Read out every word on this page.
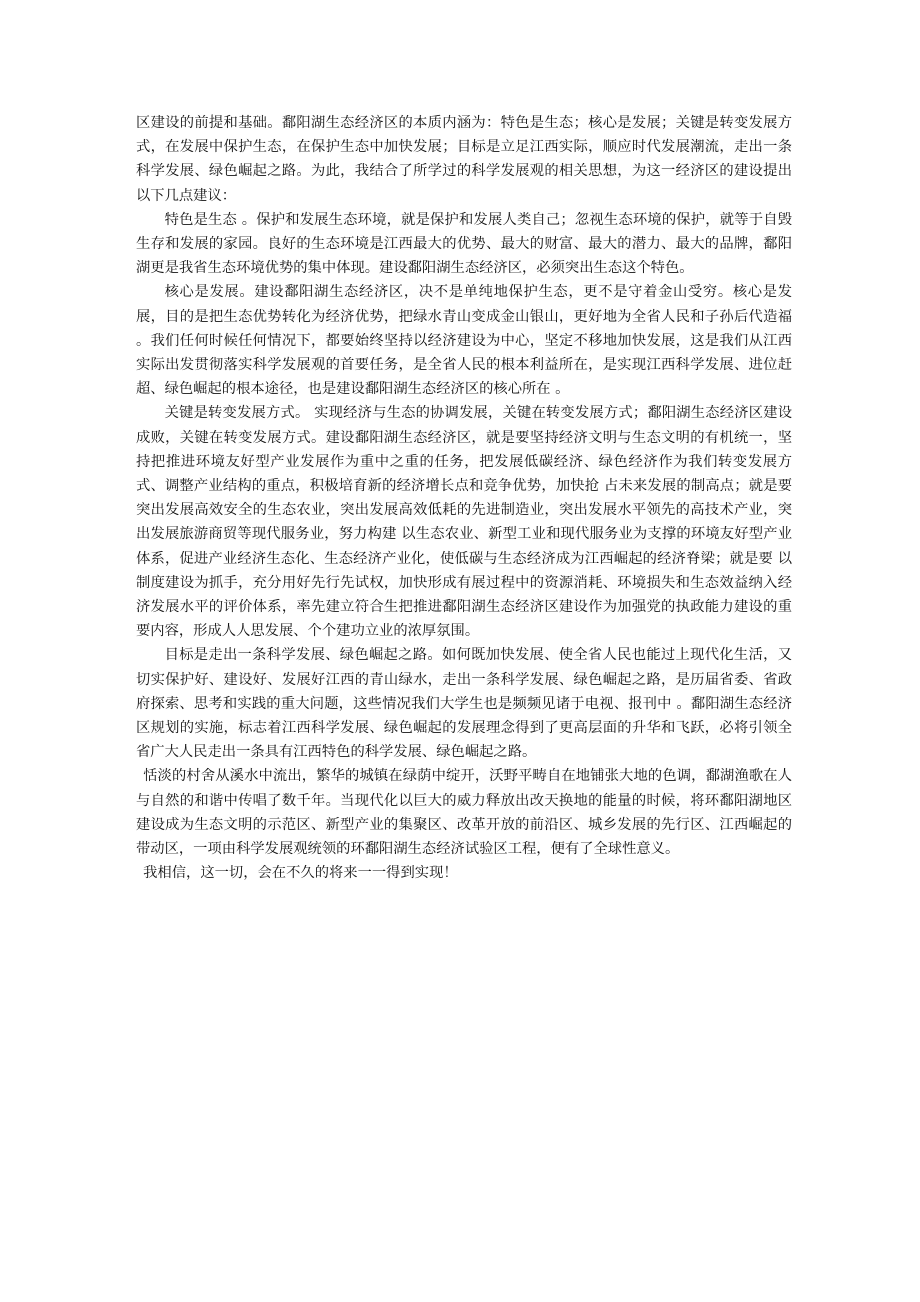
区建设的前提和基础。鄱阳湖生态经济区的本质内涵为：特色是生态；核心是发展；关键是转变发展方式，在发展中保护生态，在保护生态中加快发展；目标是立足江西实际，顺应时代发展潮流，走出一条科学发展、绿色崛起之路。为此，我结合了所学过的科学发展观的相关思想，为这一经济区的建设提出以下几点建议：

特色是生态 。保护和发展生态环境，就是保护和发展人类自己；忽视生态环境的保护，就等于自毁生存和发展的家园。良好的生态环境是江西最大的优势、最大的财富、最大的潜力、最大的品牌，鄱阳湖更是我省生态环境优势的集中体现。建设鄱阳湖生态经济区，必须突出生态这个特色。

核心是发展。建设鄱阳湖生态经济区，决不是单纯地保护生态，更不是守着金山受穷。核心是发展，目的是把生态优势转化为经济优势，把绿水青山变成金山银山，更好地为全省人民和子孙后代造福 。我们任何时候任何情况下，都要始终坚持以经济建设为中心，坚定不移地加快发展，这是我们从江西实际出发贯彻落实科学发展观的首要任务，是全省人民的根本利益所在，是实现江西科学发展、进位赶超、绿色崛起的根本途径，也是建设鄱阳湖生态经济区的核心所在 。

关键是转变发展方式。 实现经济与生态的协调发展，关键在转变发展方式；鄱阳湖生态经济区建设成败，关键在转变发展方式。建设鄱阳湖生态经济区，就是要坚持经济文明与生态文明的有机统一，坚持把推进环境友好型产业发展作为重中之重的任务，把发展低碳经济、绿色经济作为我们转变发展方式、调整产业结构的重点，积极培育新的经济增长点和竞争优势，加快抢 占未来发展的制高点；就是要突出发展高效安全的生态农业，突出发展高效低耗的先进制造业，突出发展水平领先的高技术产业，突出发展旅游商贸等现代服务业，努力构建 以生态农业、新型工业和现代服务业为支撑的环境友好型产业体系，促进产业经济生态化、生态经济产业化，使低碳与生态经济成为江西崛起的经济脊梁；就是要 以制度建设为抓手，充分用好先行先试权，加快形成有展过程中的资源消耗、环境损失和生态效益纳入经济发展水平的评价体系，率先建立符合生把推进鄱阳湖生态经济区建设作为加强党的执政能力建设的重要内容，形成人人思发展、个个建功立业的浓厚氛围。

目标是走出一条科学发展、绿色崛起之路。如何既加快发展、使全省人民也能过上现代化生活，又切实保护好、建设好、发展好江西的青山绿水，走出一条科学发展、绿色崛起之路，是历届省委、省政府探索、思考和实践的重大问题，这些情况我们大学生也是频频见诸于电视、报刊中 。鄱阳湖生态经济区规划的实施，标志着江西科学发展、绿色崛起的发展理念得到了更高层面的升华和飞跃，必将引领全省广大人民走出一条具有江西特色的科学发展、绿色崛起之路。

恬淡的村舍从溪水中流出，繁华的城镇在绿荫中绽开，沃野平畴自在地铺张大地的色调，鄱湖渔歌在人与自然的和谐中传唱了数千年。当现代化以巨大的威力释放出改天换地的能量的时候，将环鄱阳湖地区建设成为生态文明的示范区、新型产业的集聚区、改革开放的前沿区、城乡发展的先行区、江西崛起的带动区，一项由科学发展观统领的环鄱阳湖生态经济试验区工程，便有了全球性意义。

我相信，这一切，会在不久的将来一一得到实现！
